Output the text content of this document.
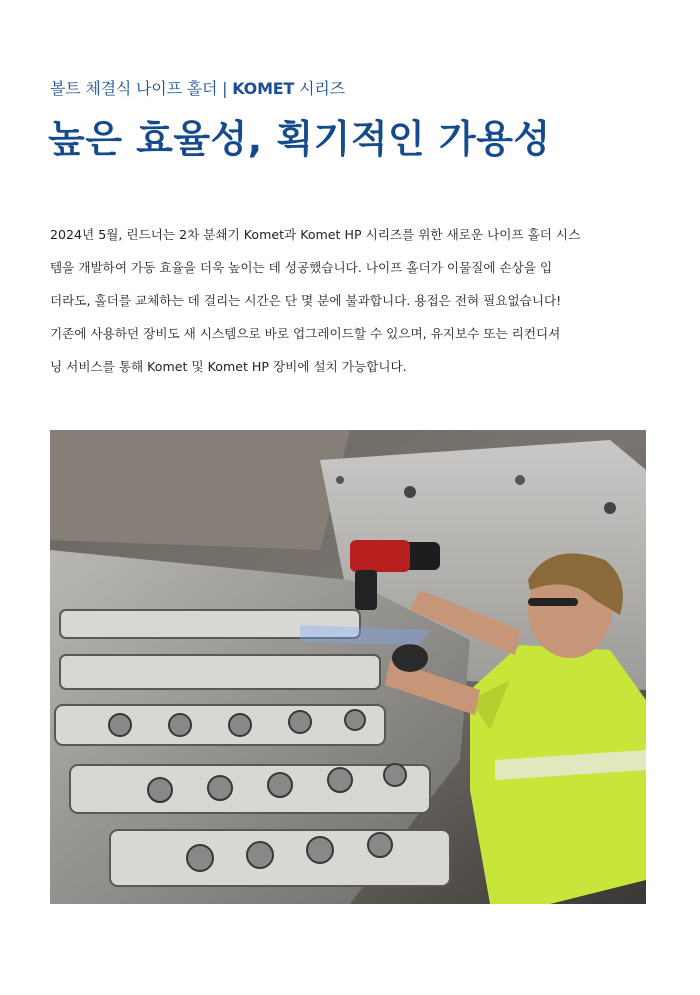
볼트 체결식 나이프 홀더 | KOMET 시리즈
높은 효율성, 획기적인 가용성

2024년 5월, 린드너는 2차 분쇄기 Komet과 Komet HP 시리즈를 위한 새로운 나이프 홀더 시스

템을 개발하여 가동 효율을 더욱 높이는 데 성공했습니다. 나이프 홀더가 이물질에 손상을 입

더라도, 홀더를 교체하는 데 걸리는 시간은 단 몇 분에 불과합니다. 용접은 전혀 필요없습니다!

기존에 사용하던 장비도 새 시스템으로 바로 업그레이드할 수 있으며, 유지보수 또는 리컨디셔

닝 서비스를 통해 Komet 및 Komet HP 장비에 설치 가능합니다.
